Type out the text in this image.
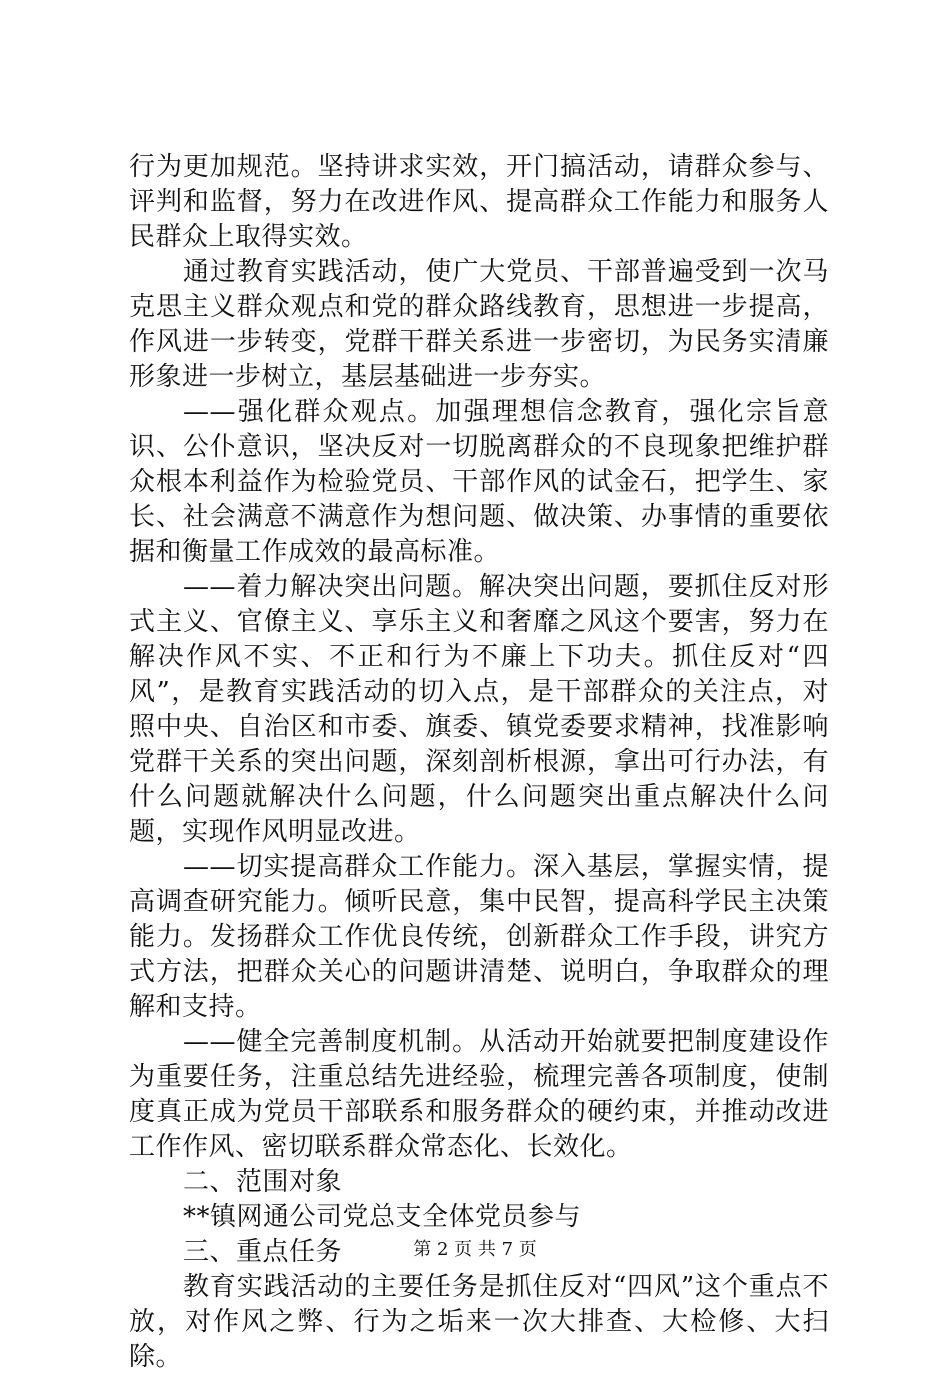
行为更加规范。坚持讲求实效，开门搞活动，请群众参与、评判和监督，努力在改进作风、提高群众工作能力和服务人民群众上取得实效。

通过教育实践活动，使广大党员、干部普遍受到一次马克思主义群众观点和党的群众路线教育，思想进一步提高，作风进一步转变，党群干群关系进一步密切，为民务实清廉形象进一步树立，基层基础进一步夯实。

——强化群众观点。加强理想信念教育，强化宗旨意识、公仆意识，坚决反对一切脱离群众的不良现象把维护群众根本利益作为检验党员、干部作风的试金石，把学生、家长、社会满意不满意作为想问题、做决策、办事情的重要依据和衡量工作成效的最高标准。

——着力解决突出问题。解决突出问题，要抓住反对形式主义、官僚主义、享乐主义和奢靡之风这个要害，努力在解决作风不实、不正和行为不廉上下功夫。抓住反对“四风”，是教育实践活动的切入点，是干部群众的关注点，对照中央、自治区和市委、旗委、镇党委要求精神，找准影响党群干关系的突出问题，深刻剖析根源，拿出可行办法，有什么问题就解决什么问题，什么问题突出重点解决什么问题，实现作风明显改进。

——切实提高群众工作能力。深入基层，掌握实情，提高调查研究能力。倾听民意，集中民智，提高科学民主决策能力。发扬群众工作优良传统，创新群众工作手段，讲究方式方法，把群众关心的问题讲清楚、说明白，争取群众的理解和支持。

——健全完善制度机制。从活动开始就要把制度建设作为重要任务，注重总结先进经验，梳理完善各项制度，使制度真正成为党员干部联系和服务群众的硬约束，并推动改进工作作风、密切联系群众常态化、长效化。

二、范围对象

**镇网通公司党总支全体党员参与

三、重点任务

教育实践活动的主要任务是抓住反对“四风”这个重点不放，对作风之弊、行为之垢来一次大排查、大检修、大扫除。

第 2 页 共 7 页
